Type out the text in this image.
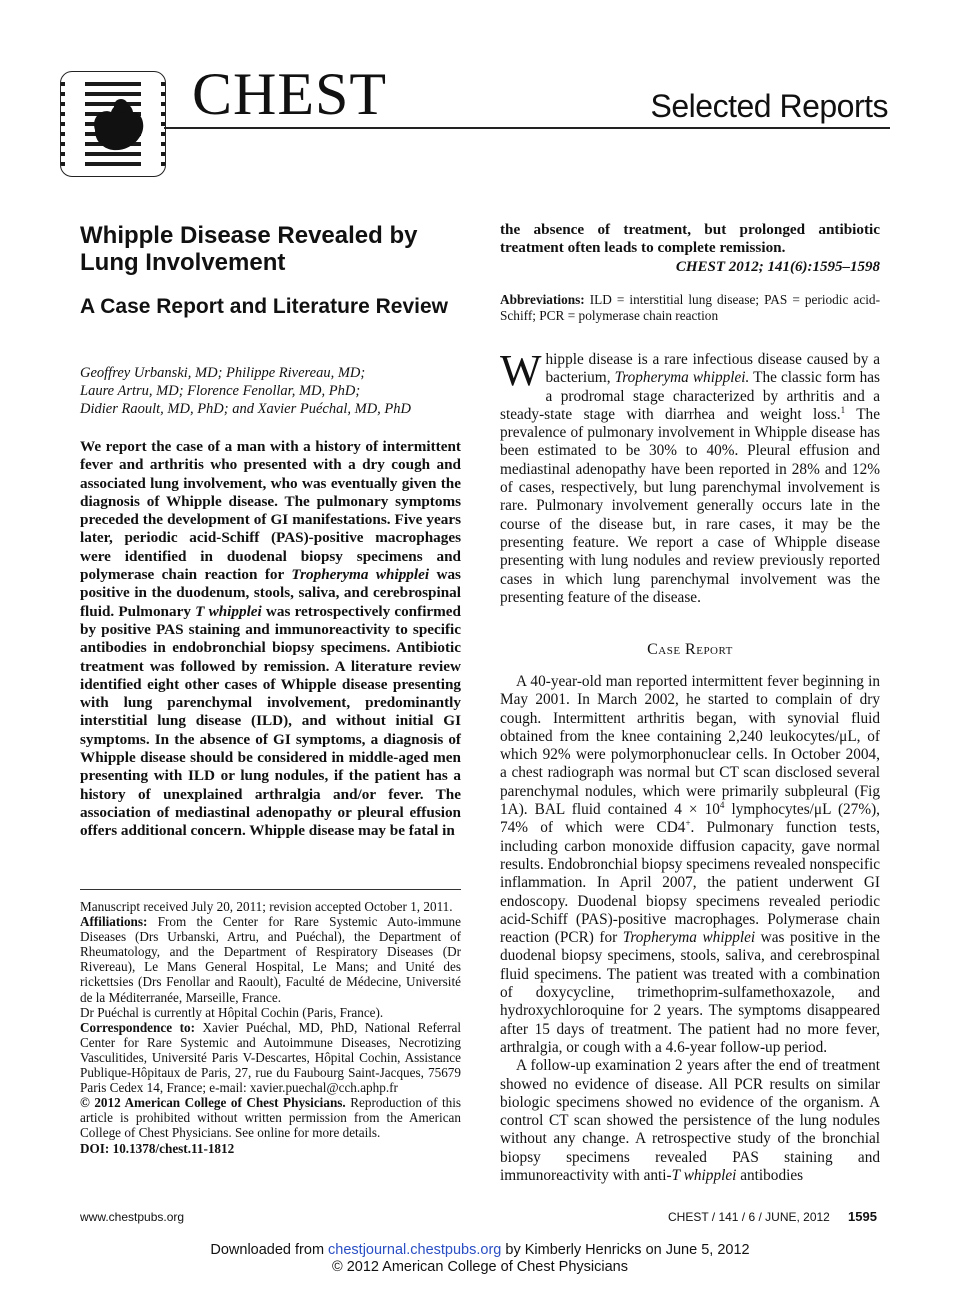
CHEST	Selected Reports
Whipple Disease Revealed by Lung Involvement
A Case Report and Literature Review
Geoffrey Urbanski, MD; Philippe Rivereau, MD;
Laure Artru, MD; Florence Fenollar, MD, PhD;
Didier Raoult, MD, PhD; and Xavier Puéchal, MD, PhD
We report the case of a man with a history of intermittent fever and arthritis who presented with a dry cough and associated lung involvement, who was eventually given the diagnosis of Whipple disease. The pulmonary symptoms preceded the development of GI manifestations. Five years later, periodic acid-Schiff (PAS)-positive macrophages were identified in duodenal biopsy specimens and polymerase chain reaction for Tropheryma whipplei was positive in the duodenum, stools, saliva, and cerebrospinal fluid. Pulmonary T whipplei was retrospectively confirmed by positive PAS staining and immunoreactivity to specific antibodies in endobronchial biopsy specimens. Antibiotic treatment was followed by remission. A literature review identified eight other cases of Whipple disease presenting with lung parenchymal involvement, predominantly interstitial lung disease (ILD), and without initial GI symptoms. In the absence of GI symptoms, a diagnosis of Whipple disease should be considered in middle-aged men presenting with ILD or lung nodules, if the patient has a history of unexplained arthralgia and/or fever. The association of mediastinal adenopathy or pleural effusion offers additional concern. Whipple disease may be fatal in

Manuscript received July 20, 2011; revision accepted October 1, 2011.

Affiliations: From the Center for Rare Systemic Auto-immune Diseases (Drs Urbanski, Artru, and Puéchal), the Department of Rheumatology, and the Department of Respiratory Diseases (Dr Rivereau), Le Mans General Hospital, Le Mans; and Unité des rickettsies (Drs Fenollar and Raoult), Faculté de Médecine, Université de la Méditerranée, Marseille, France.

Dr Puéchal is currently at Hôpital Cochin (Paris, France).

Correspondence to: Xavier Puéchal, MD, PhD, National Referral Center for Rare Systemic and Autoimmune Diseases, Necrotizing Vasculitides, Université Paris V-Descartes, Hôpital Cochin, Assistance Publique-Hôpitaux de Paris, 27, rue du Faubourg Saint-Jacques, 75679 Paris Cedex 14, France; e-mail: xavier.puechal@cch.aphp.fr

© 2012 American College of Chest Physicians. Reproduction of this article is prohibited without written permission from the American College of Chest Physicians. See online for more details.

DOI: 10.1378/chest.11-1812

the absence of treatment, but prolonged antibiotic treatment often leads to complete remission.
CHEST 2012; 141(6):1595–1598
Abbreviations: ILD = interstitial lung disease; PAS = periodic acid-Schiff; PCR = polymerase chain reaction
Whipple disease is a rare infectious disease caused by a bacterium, Tropheryma whipplei. The classic form has a prodromal stage characterized by arthritis and a steady-state stage with diarrhea and weight loss.$^1$ The prevalence of pulmonary involvement in Whipple disease has been estimated to be 30% to 40%. Pleural effusion and mediastinal adenopathy have been reported in 28% and 12% of cases, respectively, but lung parenchymal involvement is rare. Pulmonary involvement generally occurs late in the course of the disease but, in rare cases, it may be the presenting feature. We report a case of Whipple disease presenting with lung nodules and review previously reported cases in which lung parenchymal involvement was the presenting feature of the disease.
Case Report

A 40-year-old man reported intermittent fever beginning in May 2001. In March 2002, he started to complain of dry cough. Intermittent arthritis began, with synovial fluid obtained from the knee containing 2,240 leukocytes/μL, of which 92% were polymorphonuclear cells. In October 2004, a chest radiograph was normal but CT scan disclosed several parenchymal nodules, which were primarily subpleural (Fig 1A). BAL fluid contained $4 \times 10^4$ lymphocytes/μL (27%), 74% of which were CD4+. Pulmonary function tests, including carbon monoxide diffusion capacity, gave normal results. Endobronchial biopsy specimens revealed nonspecific inflammation. In April 2007, the patient underwent GI endoscopy. Duodenal biopsy specimens revealed periodic acid-Schiff (PAS)-positive macrophages. Polymerase chain reaction (PCR) for Tropheryma whipplei was positive in the duodenal biopsy specimens, stools, saliva, and cerebrospinal fluid specimens. The patient was treated with a combination of doxycycline, trimethoprim-sulfamethoxazole, and hydroxychloroquine for 2 years. The symptoms disappeared after 15 days of treatment. The patient had no more fever, arthralgia, or cough with a 4.6-year follow-up period.

A follow-up examination 2 years after the end of treatment showed no evidence of disease. All PCR results on similar biologic specimens showed no evidence of the organism. A control CT scan showed the persistence of the lung nodules without any change. A retrospective study of the bronchial biopsy specimens revealed PAS staining and immunoreactivity with anti-T whipplei antibodies

www.chestpubs.org	CHEST / 141 / 6 / JUNE, 2012 1595
Downloaded from chestjournal.chestpubs.org by Kimberly Henricks on June 5, 2012
© 2012 American College of Chest Physicians
